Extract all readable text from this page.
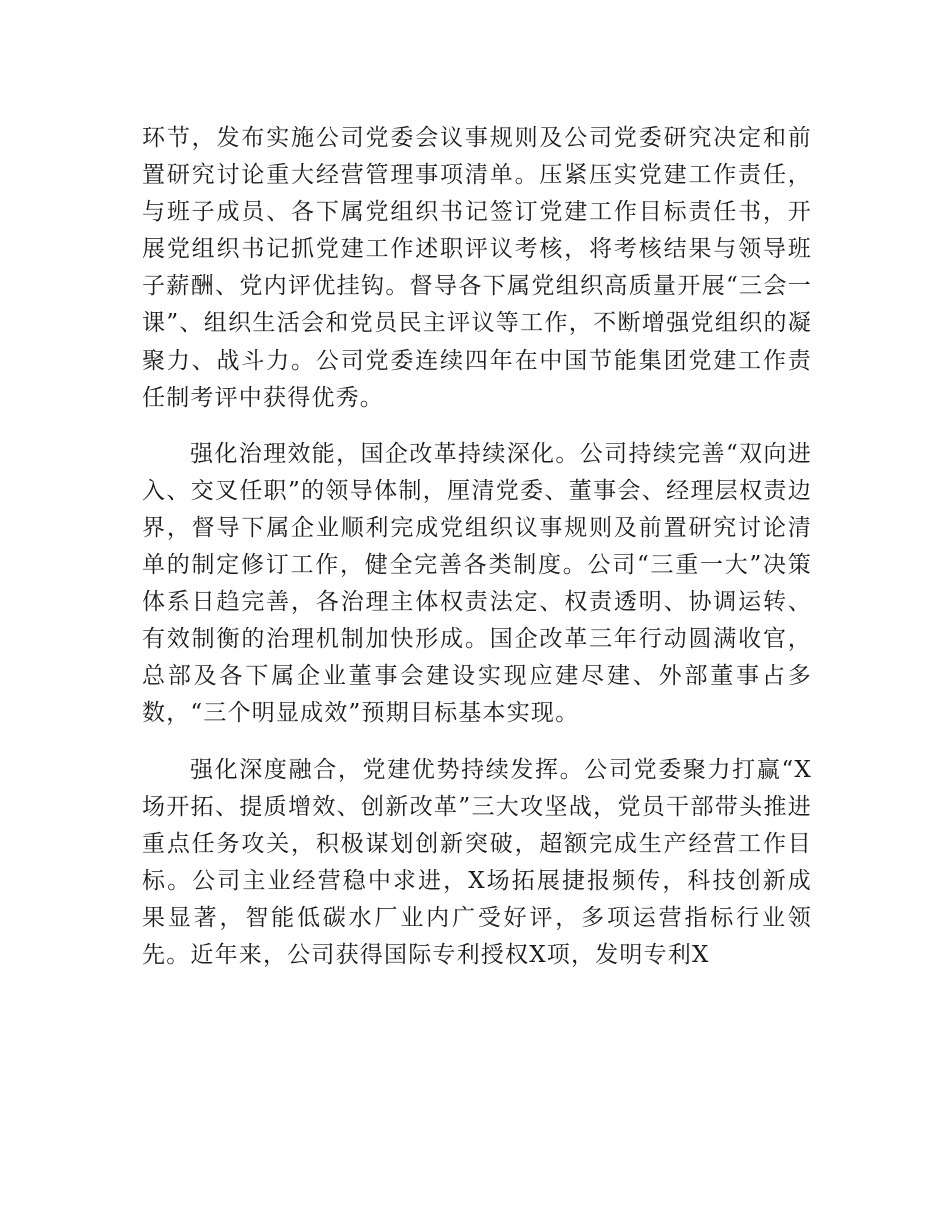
环节，发布实施公司党委会议事规则及公司党委研究决定和前置研究讨论重大经营管理事项清单。压紧压实党建工作责任，与班子成员、各下属党组织书记签订党建工作目标责任书，开展党组织书记抓党建工作述职评议考核，将考核结果与领导班子薪酬、党内评优挂钩。督导各下属党组织高质量开展“三会一课”、组织生活会和党员民主评议等工作，不断增强党组织的凝聚力、战斗力。公司党委连续四年在中国节能集团党建工作责任制考评中获得优秀。

强化治理效能，国企改革持续深化。公司持续完善“双向进入、交叉任职”的领导体制，厘清党委、董事会、经理层权责边界，督导下属企业顺利完成党组织议事规则及前置研究讨论清单的制定修订工作，健全完善各类制度。公司“三重一大”决策体系日趋完善，各治理主体权责法定、权责透明、协调运转、有效制衡的治理机制加快形成。国企改革三年行动圆满收官，总部及各下属企业董事会建设实现应建尽建、外部董事占多数，“三个明显成效”预期目标基本实现。

强化深度融合，党建优势持续发挥。公司党委聚力打赢“X场开拓、提质增效、创新改革”三大攻坚战，党员干部带头推进重点任务攻关，积极谋划创新突破，超额完成生产经营工作目标。公司主业经营稳中求进，X场拓展捷报频传，科技创新成果显著，智能低碳水厂业内广受好评，多项运营指标行业领先。近年来，公司获得国际专利授权X项，发明专利X
